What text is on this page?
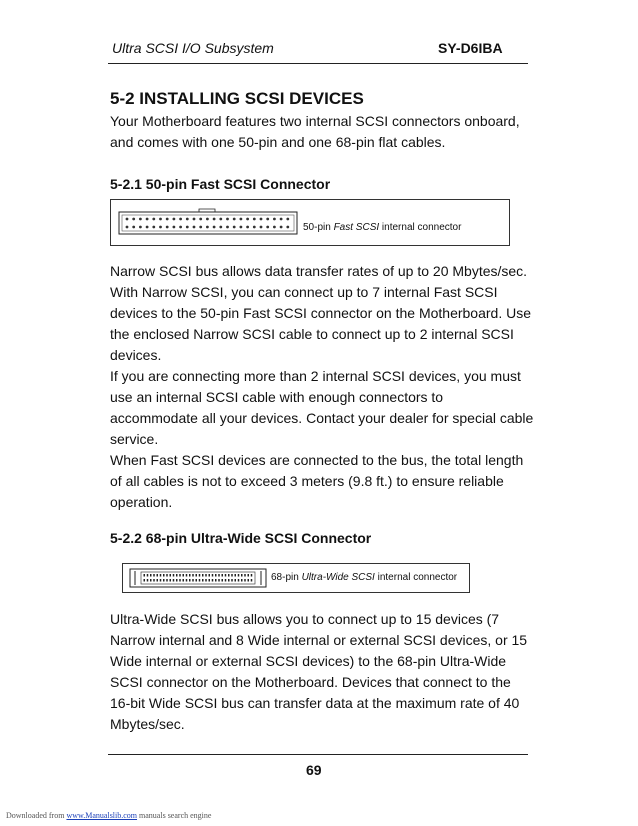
Ultra SCSI I/O Subsystem	SY-D6IBA
5-2 INSTALLING SCSI DEVICES
Your Motherboard features two internal SCSI connectors onboard,
and comes with one 50-pin and one 68-pin flat cables.
5-2.1 50-pin Fast SCSI Connector
50-pin Fast SCSI internal connector
Narrow SCSI bus allows data transfer rates of up to 20 Mbytes/sec.
With Narrow SCSI, you can connect up to 7 internal Fast SCSI
devices to the 50-pin Fast SCSI connector on the Motherboard. Use
the enclosed Narrow SCSI cable to connect up to 2 internal SCSI
devices.
If you are connecting more than 2 internal SCSI devices, you must
use an internal SCSI cable with enough connectors to
accommodate all your devices. Contact your dealer for special cable
service.
When Fast SCSI devices are connected to the bus, the total length
of all cables is not to exceed 3 meters (9.8 ft.) to ensure reliable
operation.
5-2.2 68-pin Ultra-Wide SCSI Connector
68-pin Ultra-Wide SCSI internal connector
Ultra-Wide SCSI bus allows you to connect up to 15 devices (7
Narrow internal and 8 Wide internal or external SCSI devices, or 15
Wide internal or external SCSI devices) to the 68-pin Ultra-Wide
SCSI connector on the Motherboard. Devices that connect to the
16-bit Wide SCSI bus can transfer data at the maximum rate of 40
Mbytes/sec.
69
Downloaded from www.Manualslib.com manuals search engine
